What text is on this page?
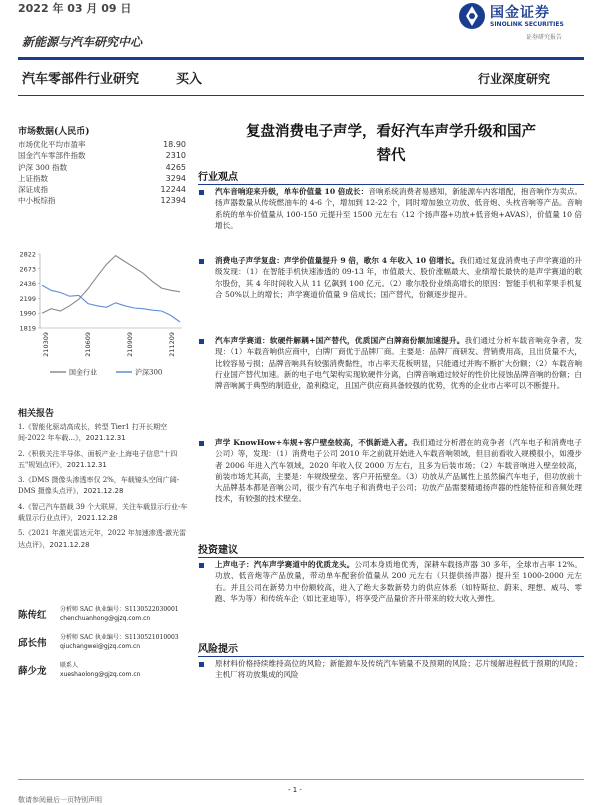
2022 年 03 月 09 日	国金证券
SINOLINK SECURITIES
证券研究报告
新能源与汽车研究中心
汽车零部件行业研究	买入	行业深度研究
市场数据(人民币)
市场优化平均市盈率	18.90
国金汽车零部件指数	2310
沪深 300 指数	4265
上证指数	3294
深证成指	12244
中小板综指	12394
2822
2673
2436
2199
1990
1819
210309	210609	210909	211209
国金行业	沪深300
相关报告
1.《智能化驱动高成长，转型 Tier1 打开长期空间-2022 年车载...》，2021.12.31
2.《积极关注半导体、面板产业-上海电子信息"十四五"规划点评》，2021.12.31
3.《DMS 摄像头渗透率仅 2%，车载镜头空间广阔-DMS 摄像头点评》，2021.12.28
4.《智己汽车搭载 39 个大联屏，关注车载显示行业-车载显示行业点评》，2021.12.28
5.《2021 年激光雷达元年，2022 年加速渗透-激光雷达点评》，2021.12.28
陈传红
分析师 SAC 执业编号：S1130522030001
chenchuanhong@gjzq.com.cn
邱长伟
分析师 SAC 执业编号：S1130521010003
qiuchangwei@gjzq.com.cn
薛少龙
联系人
xueshaolong@gjzq.com.cn
复盘消费电子声学，看好汽车声学升级和国产
替代
行业观点
汽车音响迎来升级，单车价值量 10 倍成长：音响系统消费者易感知，新能源车内客增配，抱音响作为卖点。扬声器数量从传统燃油车的 4-6 个，增加到 12-22 个，同时增加独立功放、低音炮、头枕音响等产品。音响系统的单车价值量从 100-150 元提升至 1500 元左右（12 个扬声器+功放+低音炮+AVAS），价值量 10 倍增长。
消费电子声学复盘：声学价值量提升 9 倍，歌尔 4 年收入 10 倍增长。我们通过复盘消费电子声学赛道的升级发现：（1）在智能手机快速渗透的 09-13 年，市值最大、股价涨幅最大、业绩增长最快的是声学赛道的歌尔股份，其 4 年时间收入从 11 亿飙到 100 亿元。（2）歌尔股份业绩高增长的原因：智能手机和苹果手机复合 50%以上的增长；声学赛道价值量 9 倍成长；国产替代，份额逐步提升。
汽车声学赛道：软硬件解耦+国产替代，优质国产白牌商份额加速提升。我们通过分析车载音响竞争者，发现：（1）车载音响供应商中，白牌厂商优于品牌厂商。主要是：品牌厂商研发、营销费用高，且出货量不大，比较容易亏损；品牌音响具有较强消费黏性，市占率天花板明显，只能通过并购不断扩大份额；（2）车载音响行业国产替代加速。新的电子电气架构实现软硬件分离，白牌音响通过较好的性价比侵蚀品牌音响的份额；白牌音响属于典型的制造业，盈利稳定，且国产供应商具备较强的优势，优秀的企业市占率可以不断提升。
声学 KnowHow+车规+客户壁垒较高，不惧新进入者。我们通过分析潜在的竞争者（汽车电子和消费电子公司）等，发现：（1）消费电子公司 2010 年之前就开始进入车载音响领域，但目前看收入规模很小，如漫步者 2006 年进入汽车领域，2020 年收入仅 2000 万左右，且多为后装市场；（2）车载音响进入壁垒较高，前装市场尤其高，主要是：车规级壁垒、客户开拓壁垒。（3）功放从产品属性上虽然偏汽车电子，但功放前十大品牌基本都是音响公司，很少有汽车电子和消费电子公司；功放产品需要精通扬声器的性能特征和音频处理技术，有较强的技术壁垒。
投资建议
上声电子：汽车声学赛道中的优质龙头。公司本身质地优秀，深耕车载扬声器 30 多年，全球市占率 12%。功放、低音炮等产品放量，带动单车配套价值量从 200 元左右（只提供扬声器）提升至 1000-2000 元左右。并且公司在新势力中份额较高，进入了绝大多数新势力的供应体系（如特斯拉、蔚来、理想、威马、零跑、华为等）和传统车企（如比亚迪等），将享受产品量价齐升带来的较大收入弹性。
风险提示
原材料价格持续维持高位的风险；新能源车及传统汽车销量不及预期的风险；芯片缓解进程低于预期的风险；主机厂将功放集成的风险
- 1 -
敬请参阅最后一页特别声明
